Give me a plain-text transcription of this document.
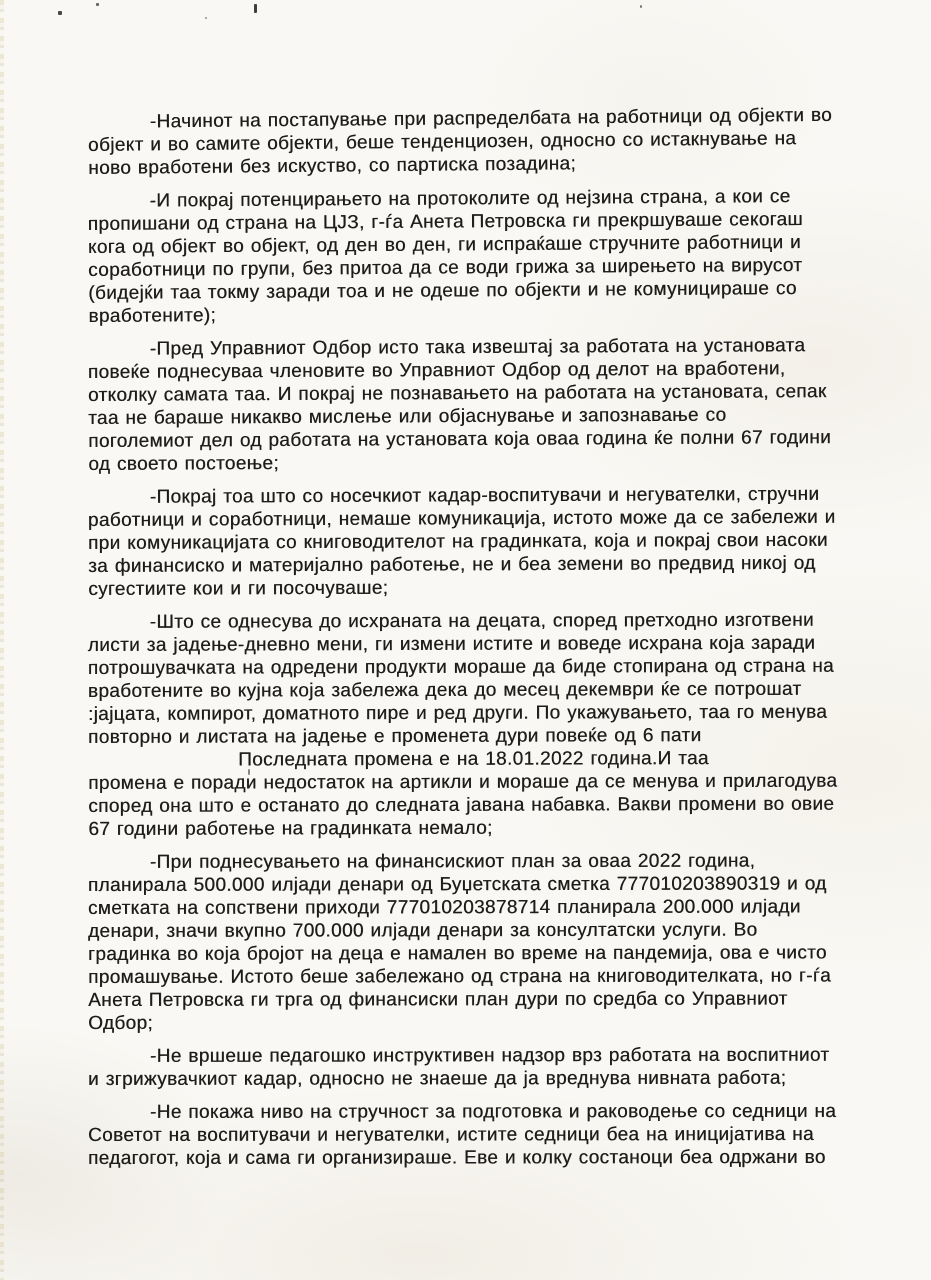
-Начинот на постапување при распределбата на работници од објекти во
објект и во самите објекти, беше тенденциозен, односно со истакнување на
ново вработени без искуство, со партиска позадина;
-И покрај потенцирањето на протоколите од нејзина страна, а кои се
пропишани од страна на ЦЈЗ, г-ѓа Анета Петровска ги прекршуваше секогаш
кога од објект во објект, од ден во ден, ги испраќаше стручните работници и
соработници по групи, без притоа да се води грижа за ширењето на вирусот
(бидејќи таа токму заради тоа и не одеше по објекти и не комуницираше со
вработените);
-Пред Управниот Одбор исто така извештај за работата на установата
повеќе поднесуваа членовите во Управниот Одбор од делот на вработени,
отколку самата таа. И покрај не познавањето на работата на установата, сепак
таа не бараше никакво мислење или објаснување и запознавање со
поголемиот дел од работата на установата која оваа година ќе полни 67 години
од своето постоење;
-Покрај тоа што со носечкиот кадар-воспитувачи и негувателки, стручни
работници и соработници, немаше комуникација, истото може да се забележи и
при комуникацијата со книговодителот на градинката, која и покрај свои насоки
за финансиско и материјално работење, не и беа земени во предвид никој од
сугестиите кои и ги посочуваше;
-Што се однесува до исхраната на децата, според претходно изготвени
листи за јадење-дневно мени, ги измени истите и воведе исхрана која заради
потрошувачката на одредени продукти мораше да биде стопирана од страна на
вработените во кујна која забележа дека до месец декември ќе се потрошат
:јајцата, компирот, доматното пире и ред други. По укажувањето, таа го менува
повторно и листата на јадење е променета дури повеќе од 6 пати
Последната промена е на 18.01.2022 година.И таа
промена е поради недостаток на артикли и мораше да се менува и прилагодува
според она што е останато до следната јавана набавка. Вакви промени во овие
67 години работење на градинката немало;
-При поднесувањето на финансискиот план за оваа 2022 година,
планирала 500.000 илјади денари од Буџетската сметка 777010203890319 и од
сметката на сопствени приходи 777010203878714 планирала 200.000 илјади
денари, значи вкупно 700.000 илјади денари за консултатски услуги. Во
градинка во која бројот на деца е намален во време на пандемија, ова е чисто
промашување. Истото беше забележано од страна на книговодителката, но г-ѓа
Анета Петровска ги трга од финансиски план дури по средба со Управниот
Одбор;
-Не вршеше педагошко инструктивен надзор врз работата на воспитниот
и згрижувачкиот кадар, односно не знаеше да ја вреднува нивната работа;
-Не покажа ниво на стручност за подготовка и раководење со седници на
Советот на воспитувачи и негувателки, истите седници беа на иницијатива на
педагогот, која и сама ги организираше. Еве и колку состаноци беа одржани во
